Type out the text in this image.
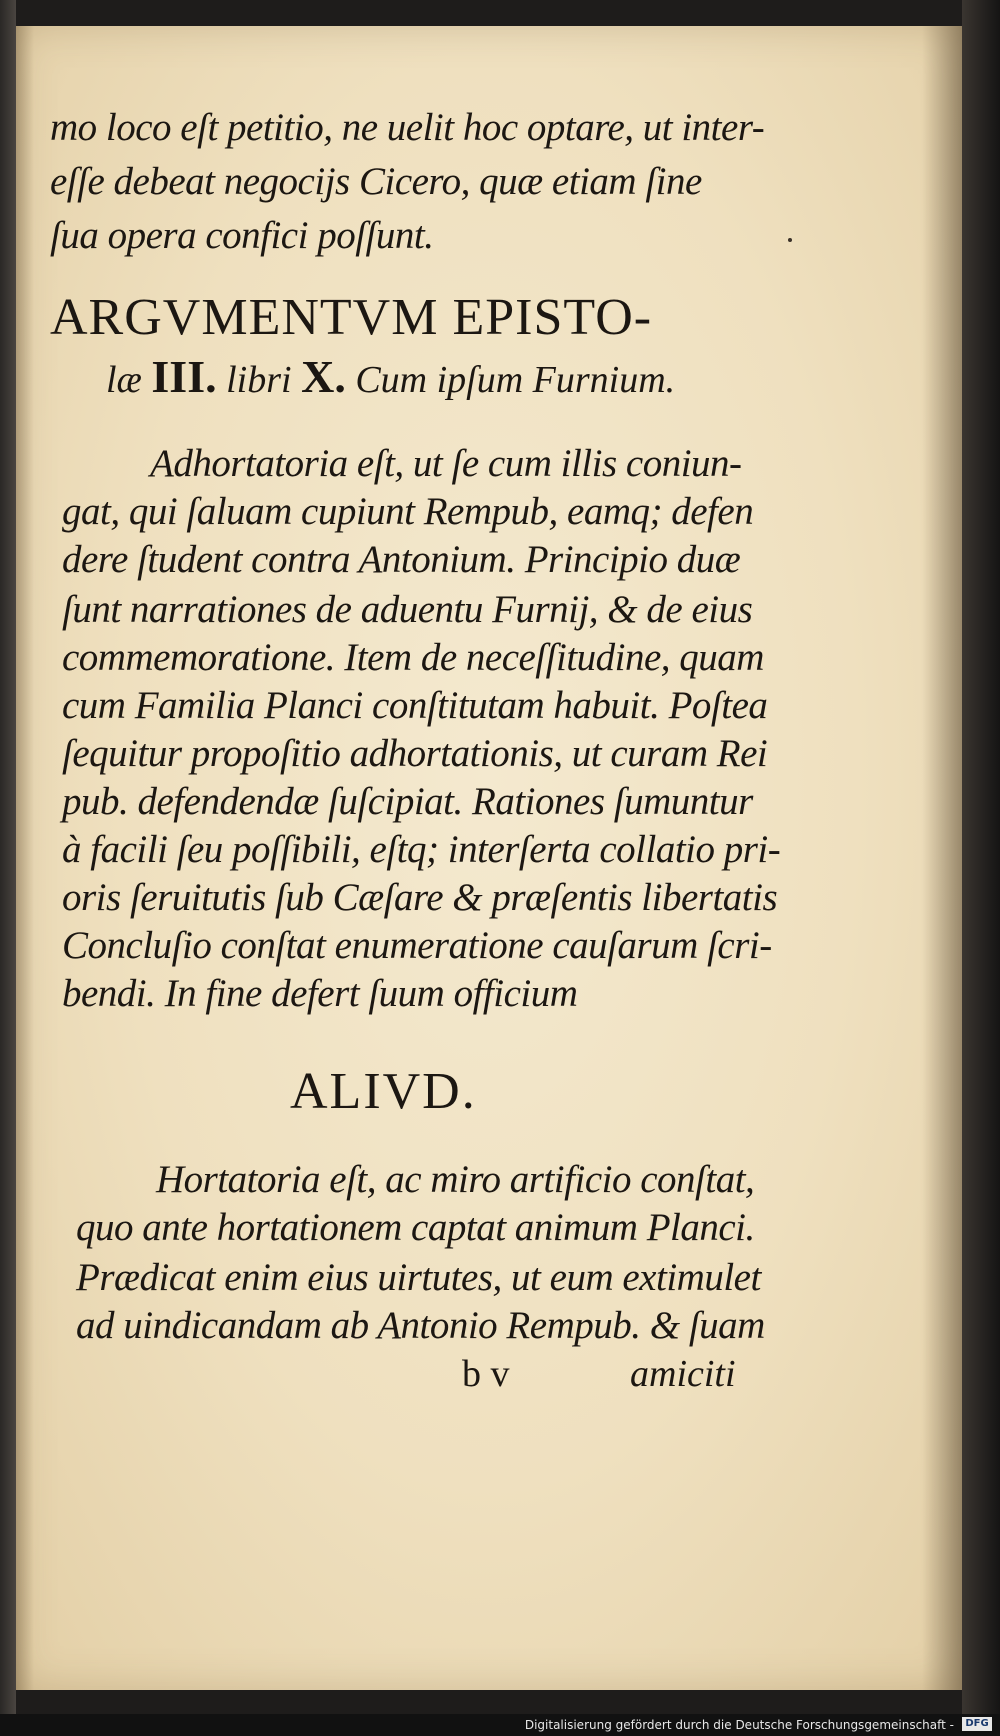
mo loco eſt petitio, ne uelit hoc optare, ut inter-
eſſe debeat negocijs Cicero, quæ etiam ſine
ſua opera confici poſſunt.
ARGVMENTVM EPISTO-
læ III. libri X. Cum ipſum Furnium.
Adhortatoria eſt, ut ſe cum illis coniun-
gat, qui ſaluam cupiunt Rempub, eamq; defen
dere ſtudent contra Antonium. Principio duæ
ſunt narrationes de aduentu Furnij, & de eius
commemoratione. Item de neceſſitudine, quam
cum Familia Planci conſtitutam habuit. Poſtea
ſequitur propoſitio adhortationis, ut curam Rei
pub. defendendæ ſuſcipiat. Rationes ſumuntur
à facili ſeu poſſibili, eſtq; interſerta collatio pri-
oris ſeruitutis ſub Cæſare & præſentis libertatis
Concluſio conſtat enumeratione cauſarum ſcri-
bendi. In fine defert ſuum officium
ALIVD.
Hortatoria eſt, ac miro artificio conſtat,
quo ante hortationem captat animum Planci.
Prædicat enim eius uirtutes, ut eum extimulet
ad uindicandam ab Antonio Rempub. & ſuam
b v	amiciti
Digitalisierung gefördert durch die Deutsche Forschungsgemeinschaft -	DFG
